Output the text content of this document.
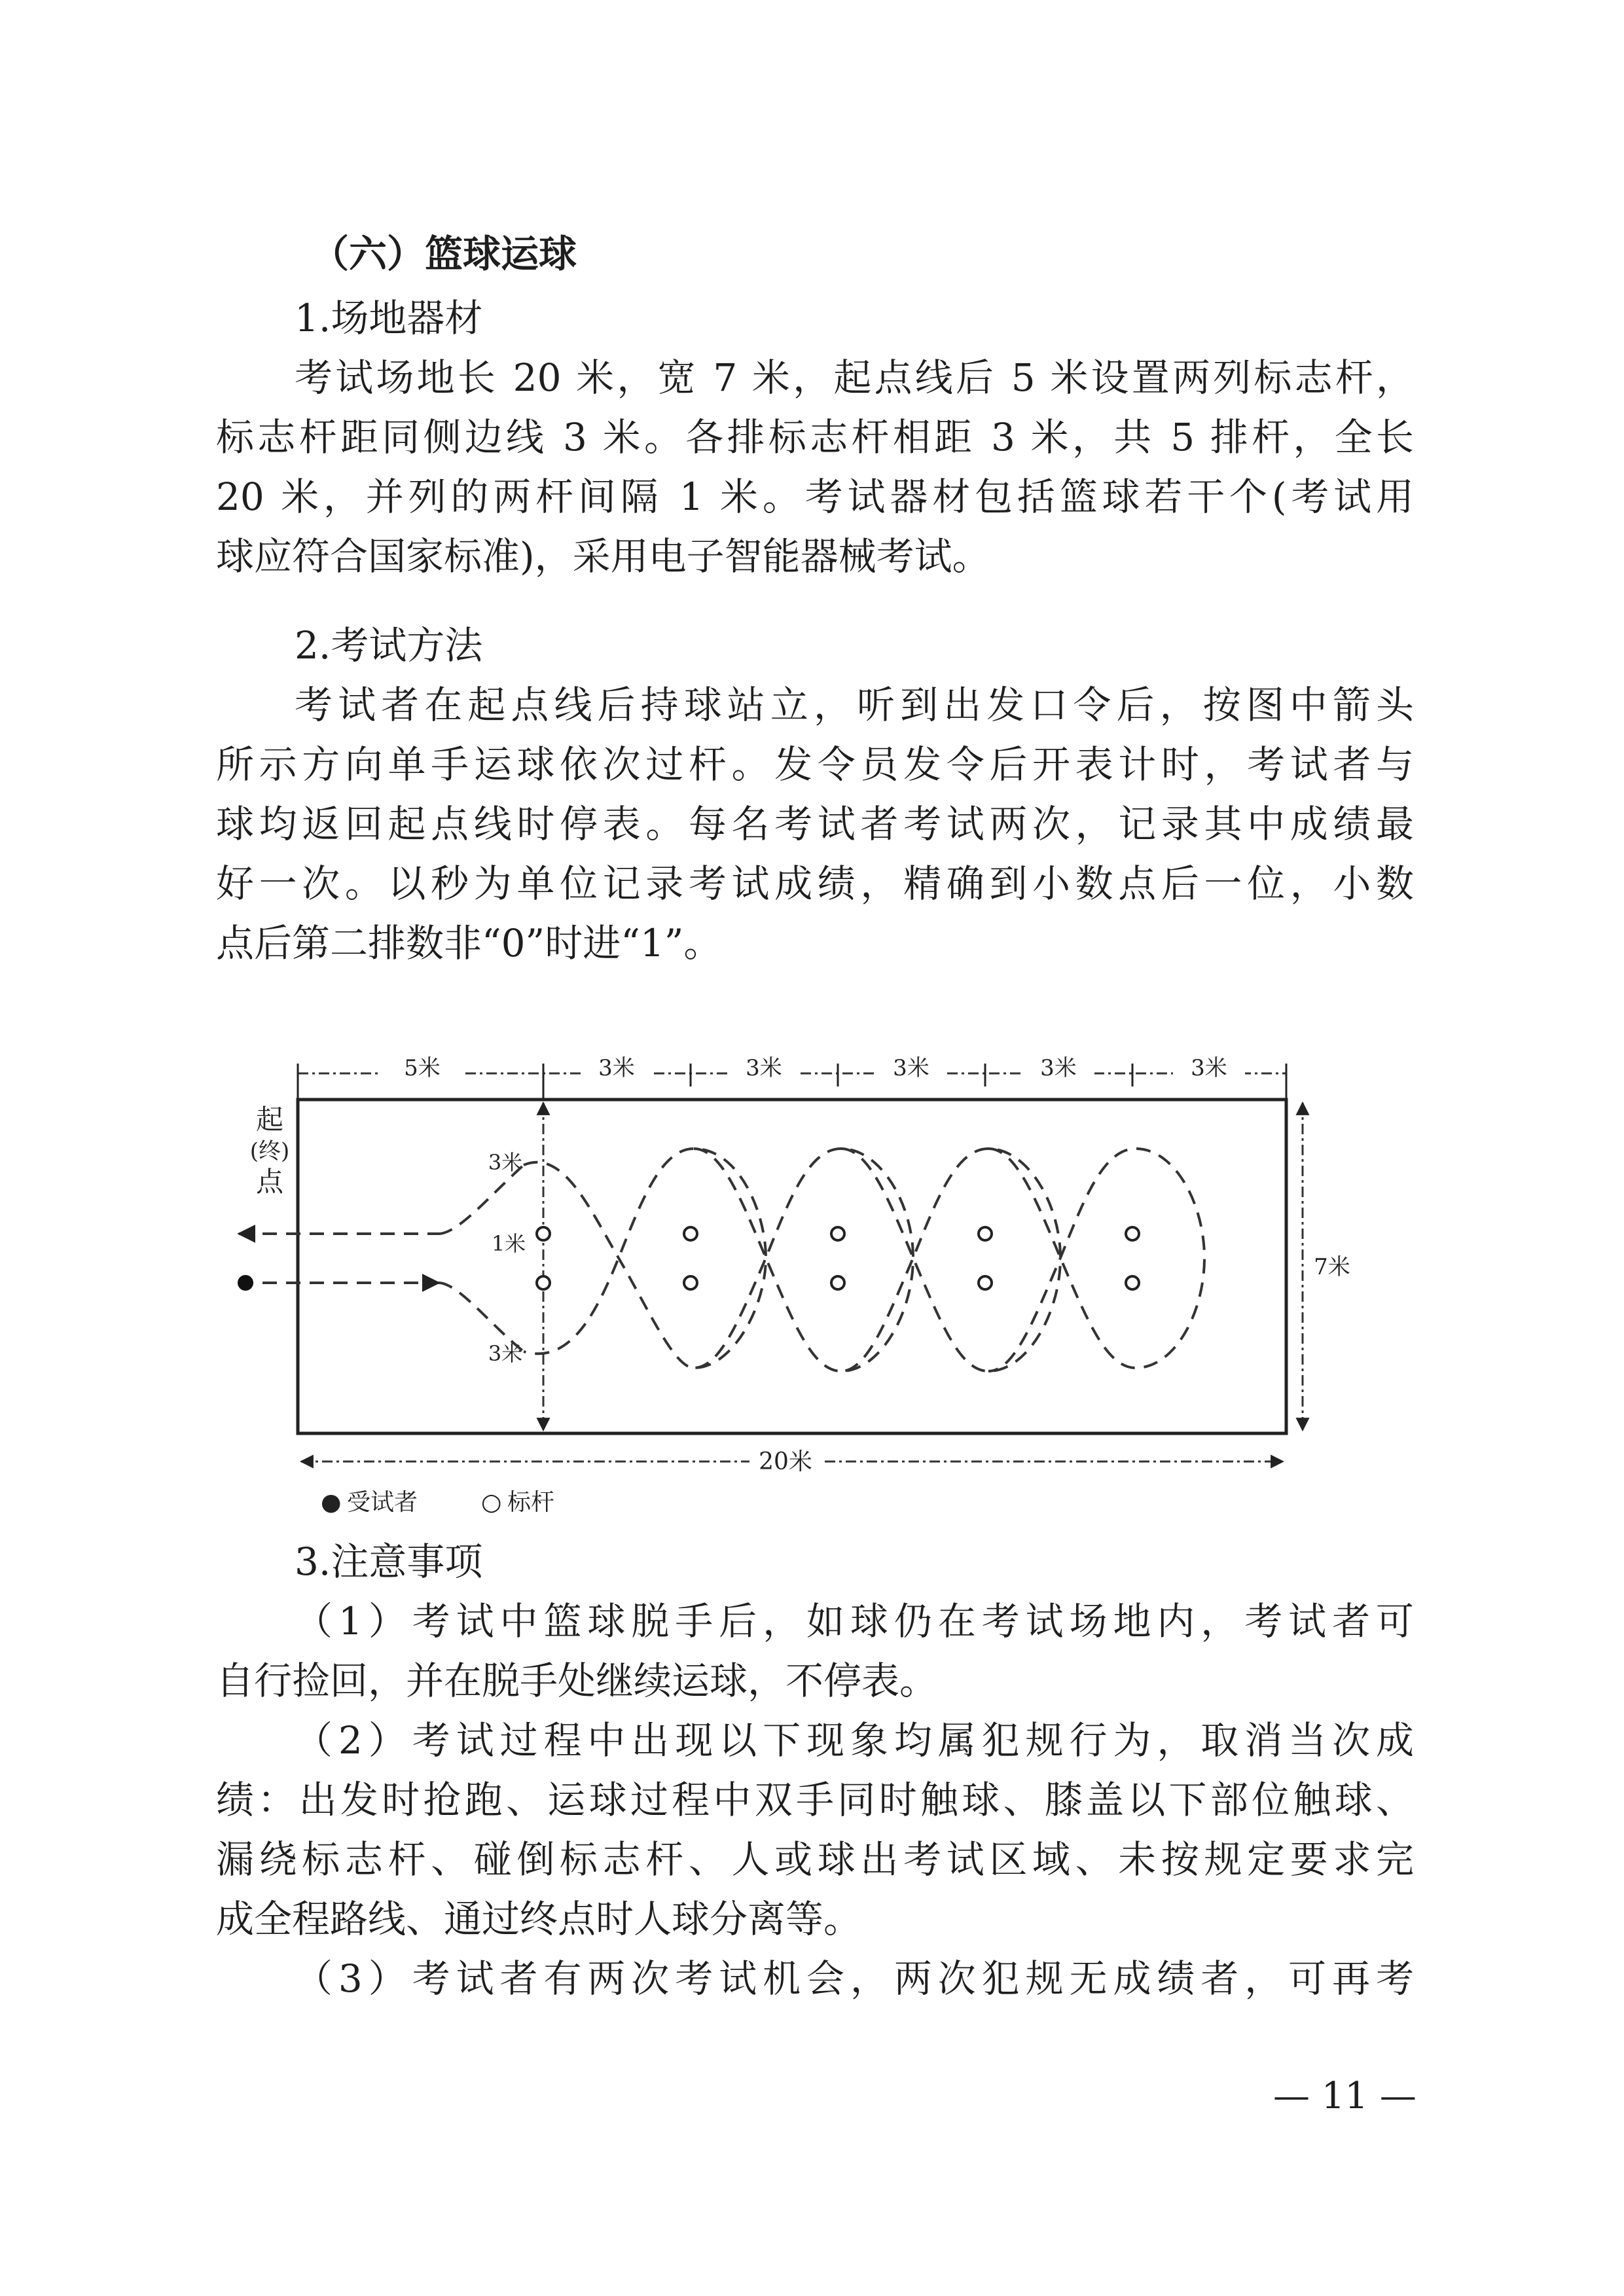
（六）篮球运球
1.场地器材
考试场地长 20 米，宽 7 米，起点线后 5 米设置两列标志杆，
标志杆距同侧边线 3 米。各排标志杆相距 3 米，共 5 排杆，全长
20 米，并列的两杆间隔 1 米。考试器材包括篮球若干个(考试用
球应符合国家标准)，采用电子智能器械考试。
2.考试方法
考试者在起点线后持球站立，听到出发口令后，按图中箭头
所示方向单手运球依次过杆。发令员发令后开表计时，考试者与
球均返回起点线时停表。每名考试者考试两次，记录其中成绩最
好一次。以秒为单位记录考试成绩，精确到小数点后一位，小数
点后第二排数非“0”时进“1”。
5米	3米	3米	3米	3米	3米
起
(终)
点
3米
1米
3米
7米
20米
● 受试者	○ 标杆
3.注意事项
（1）考试中篮球脱手后，如球仍在考试场地内，考试者可
自行捡回，并在脱手处继续运球，不停表。
（2）考试过程中出现以下现象均属犯规行为，取消当次成
绩：出发时抢跑、运球过程中双手同时触球、膝盖以下部位触球、
漏绕标志杆、碰倒标志杆、人或球出考试区域、未按规定要求完
成全程路线、通过终点时人球分离等。
（3）考试者有两次考试机会，两次犯规无成绩者，可再考
— 11 —
